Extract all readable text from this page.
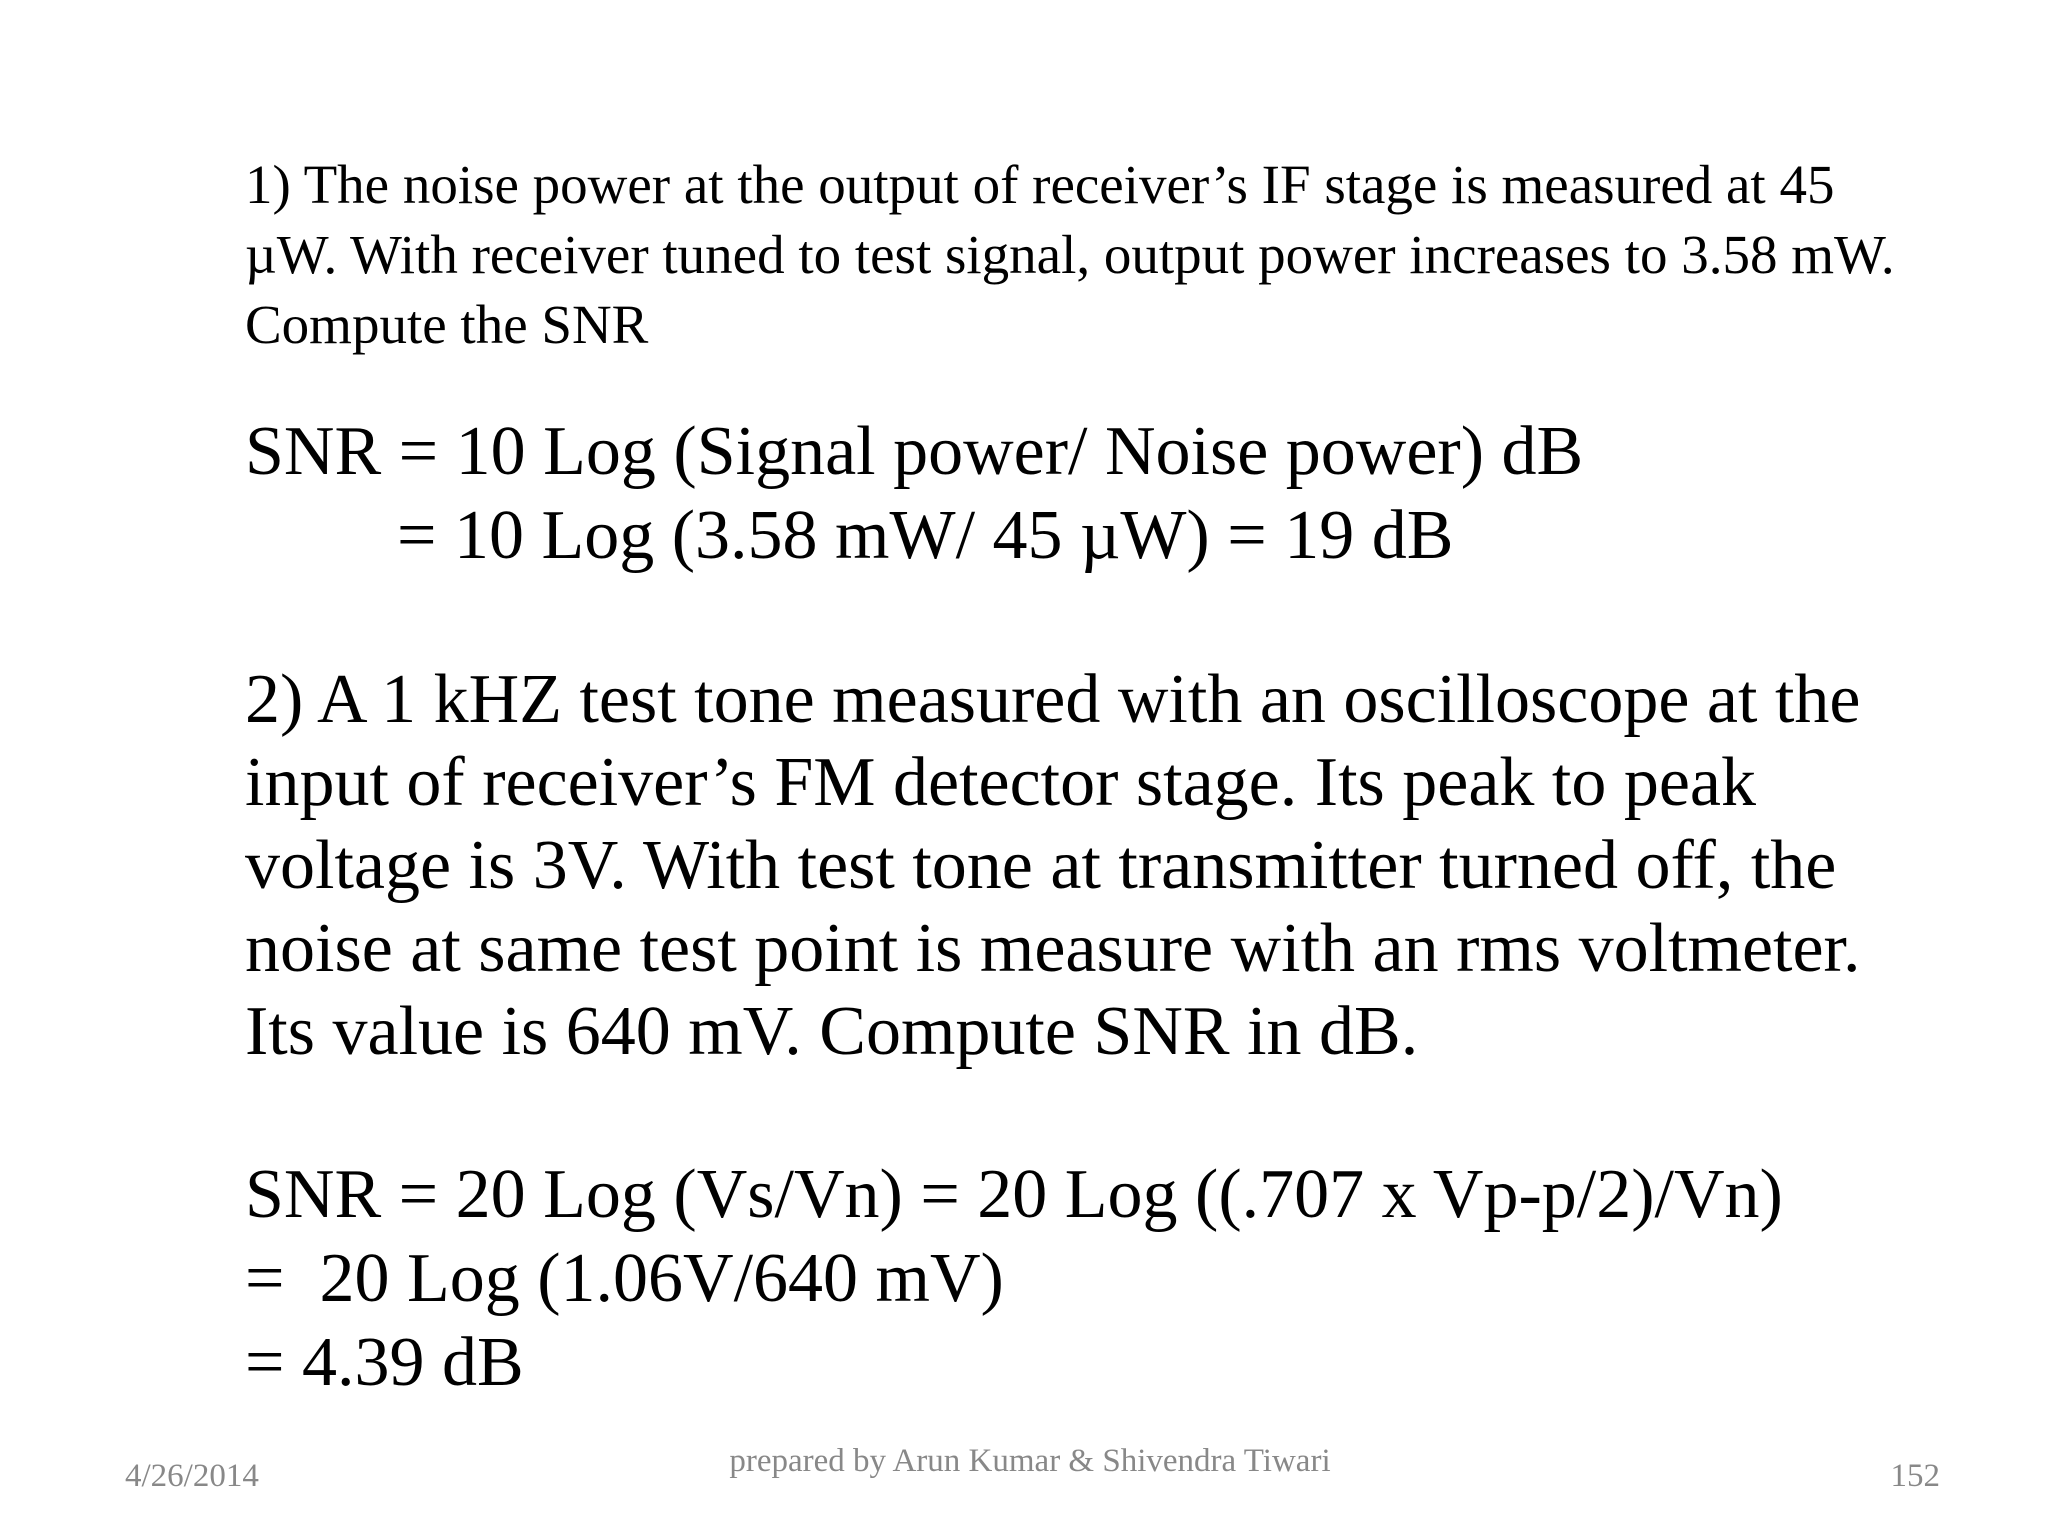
1) The noise power at the output of receiver’s IF stage is measured at 45 µW. With receiver tuned to test signal, output power increases to 3.58 mW. Compute the SNR

SNR = 10 Log (Signal power/ Noise power) dB
= 10 Log (3.58 mW/ 45 µW) = 19 dB
2) A 1 kHZ test tone measured with an oscilloscope at the input of receiver’s FM detector stage. Its peak to peak voltage is 3V. With test tone at transmitter turned off, the noise at same test point is measure with an rms voltmeter. Its value is 640 mV. Compute SNR in dB.
SNR = 20 Log (Vs/Vn) = 20 Log ((.707 x Vp-p/2)/Vn)
=  20 Log (1.06V/640 mV)
= 4.39 dB
4/26/2014	prepared by Arun Kumar & Shivendra Tiwari	152
